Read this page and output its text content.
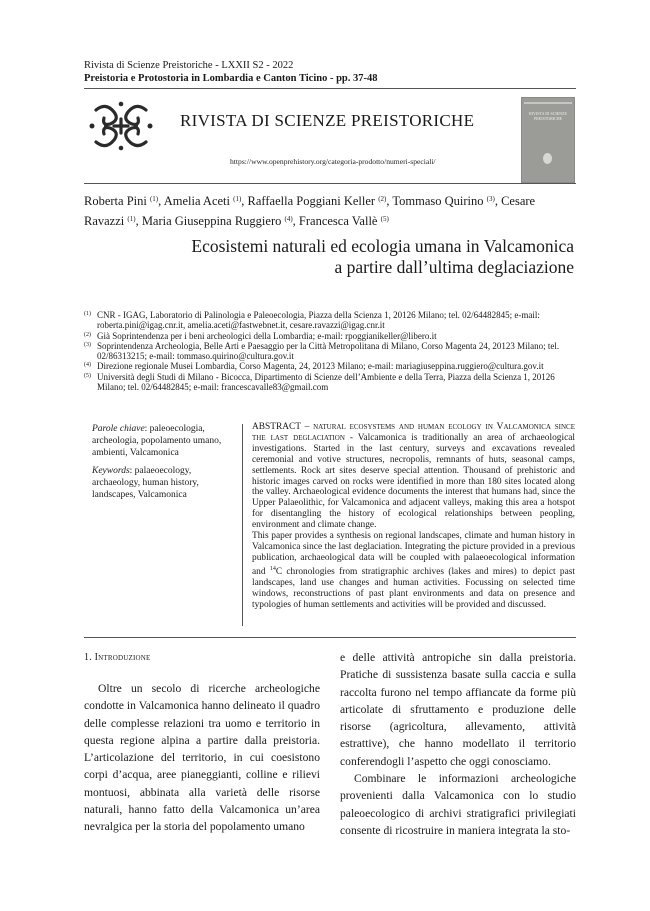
Rivista di Scienze Preistoriche - LXXII S2 - 2022
Preistoria e Protostoria in Lombardia e Canton Ticino - pp. 37-48
RIVISTA DI SCIENZE PREISTORICHE
https://www.openprehistory.org/categoria-prodotto/numeri-speciali/
RIVISTA DI SCIENZE PREISTORICHE
Roberta Pini $^{(1)}$, Amelia Aceti $^{(1)}$, Raffaella Poggiani Keller $^{(2)}$, Tommaso Quirino $^{(3)}$, Cesare Ravazzi $^{(1)}$, Maria Giuseppina Ruggiero $^{(4)}$, Francesca Vallè $^{(5)}$
Ecosistemi naturali ed ecologia umana in Valcamonica
a partire dall’ultima deglaciazione
(1) CNR - IGAG, Laboratorio di Palinologia e Paleoecologia, Piazza della Scienza 1, 20126 Milano; tel. 02/64482845; e-mail: roberta.pini@igag.cnr.it, amelia.aceti@fastwebnet.it, cesare.ravazzi@igag.cnr.it
(2) Già Soprintendenza per i beni archeologici della Lombardia; e-mail: rpoggianikeller@libero.it
(3) Soprintendenza Archeologia, Belle Arti e Paesaggio per la Città Metropolitana di Milano, Corso Magenta 24, 20123 Milano; tel. 02/86313215; e-mail: tommaso.quirino@cultura.gov.it
(4) Direzione regionale Musei Lombardia, Corso Magenta, 24, 20123 Milano; e-mail: mariagiuseppina.ruggiero@cultura.gov.it
(5) Università degli Studi di Milano - Bicocca, Dipartimento di Scienze dell’Ambiente e della Terra, Piazza della Scienza 1, 20126 Milano; tel. 02/64482845; e-mail: francescavalle83@gmail.com
Parole chiave: paleoecologia, archeologia, popolamento umano, ambienti, Valcamonica
Keywords: palaeoecology, archaeology, human history, landscapes, Valcamonica

ABSTRACT – natural ecosystems and human ecology in Valcamonica since the last deglaciation - Valcamonica is traditionally an area of archaeological investigations. Started in the last century, surveys and excavations revealed ceremonial and votive structures, necropolis, remnants of huts, seasonal camps, settlements. Rock art sites deserve special attention. Thousand of prehistoric and historic images carved on rocks were identified in more than 180 sites located along the valley. Archaeological evidence documents the interest that humans had, since the Upper Palaeolithic, for Valcamonica and adjacent valleys, making this area a hotspot for disentangling the history of ecological relationships between peopling, environment and climate change.

This paper provides a synthesis on regional landscapes, climate and human history in Valcamonica since the last deglaciation. Integrating the picture provided in a previous publication, archaeological data will be coupled with palaeoecological information and $^{14}$C chronologies from stratigraphic archives (lakes and mires) to depict past landscapes, land use changes and human activities. Focussing on selected time windows, reconstructions of past plant environments and data on presence and typologies of human settlements and activities will be provided and discussed.

1. Introduzione

Oltre un secolo di ricerche archeologiche condotte in Valcamonica hanno delineato il quadro delle complesse relazioni tra uomo e territorio in questa regione alpina a partire dalla preistoria. L’articolazione del territorio, in cui coesistono corpi d’acqua, aree pianeggianti, colline e rilievi montuosi, abbinata alla varietà delle risorse naturali, hanno fatto della Valcamonica un’area nevralgica per la storia del popolamento umano

e delle attività antropiche sin dalla preistoria. Pratiche di sussistenza basate sulla caccia e sulla raccolta furono nel tempo affiancate da forme più articolate di sfruttamento e produzione delle risorse (agricoltura, allevamento, attività estrattive), che hanno modellato il territorio conferendogli l’aspetto che oggi conosciamo.

Combinare le informazioni archeologiche provenienti dalla Valcamonica con lo studio paleoecologico di archivi stratigrafici privilegiati consente di ricostruire in maniera integrata la sto-
